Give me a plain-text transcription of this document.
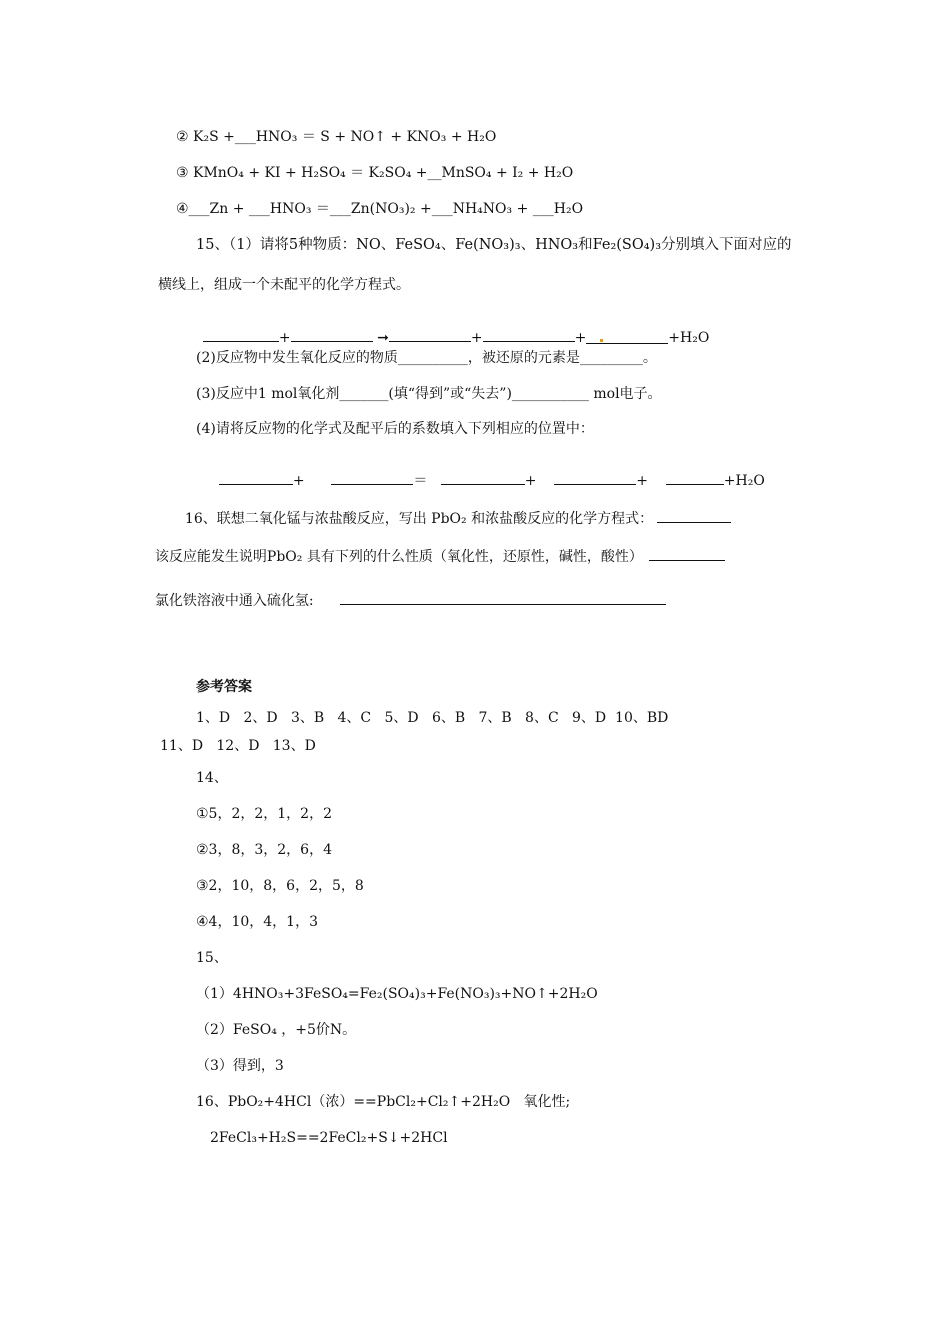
② K₂S +___HNO₃ ＝ S + NO↑ + KNO₃ + H₂O
③ KMnO₄ + KI + H₂SO₄ ＝ K₂SO₄ +__MnSO₄ + I₂ + H₂O
④___Zn + ___HNO₃ ＝___Zn(NO₃)₂ +___NH₄NO₃ + ___H₂O
15、（1）请将5种物质：NO、FeSO₄、Fe(NO₃)₃、HNO₃和Fe₂(SO₄)₃分别填入下面对应的
横线上，组成一个未配平的化学方程式。

+	➞	+	+	+H₂O

(2)反应物中发生氧化反应的物质__________，被还原的元素是_________。
(3)反应中1 mol氧化剂_______(填“得到”或“失去”)___________ mol电子。
(4)请将反应物的化学式及配平后的系数填入下列相应的位置中：

+	＝	+	+	+H₂O

16、联想二氧化锰与浓盐酸反应，写出 PbO₂ 和浓盐酸反应的化学方程式：

该反应能发生说明PbO₂ 具有下列的什么性质（氧化性，还原性，碱性，酸性）

氯化铁溶液中通入硫化氢:

参考答案
1、D   2、D   3、B   4、C   5、D   6、B   7、B   8、C   9、D  10、BD
11、D   12、D   13、D
14、
①5，2，2，1，2，2
②3，8，3，2，6，4
③2，10，8，6，2，5，8
④4，10，4，1，3
15、
（1）4HNO₃+3FeSO₄=Fe₂(SO₄)₃+Fe(NO₃)₃+NO↑+2H₂O
（2）FeSO₄ ，+5价N。
（3）得到，3
16、PbO₂+4HCl（浓）==PbCl₂+Cl₂↑+2H₂O   氧化性;
2FeCl₃+H₂S==2FeCl₂+S↓+2HCl
